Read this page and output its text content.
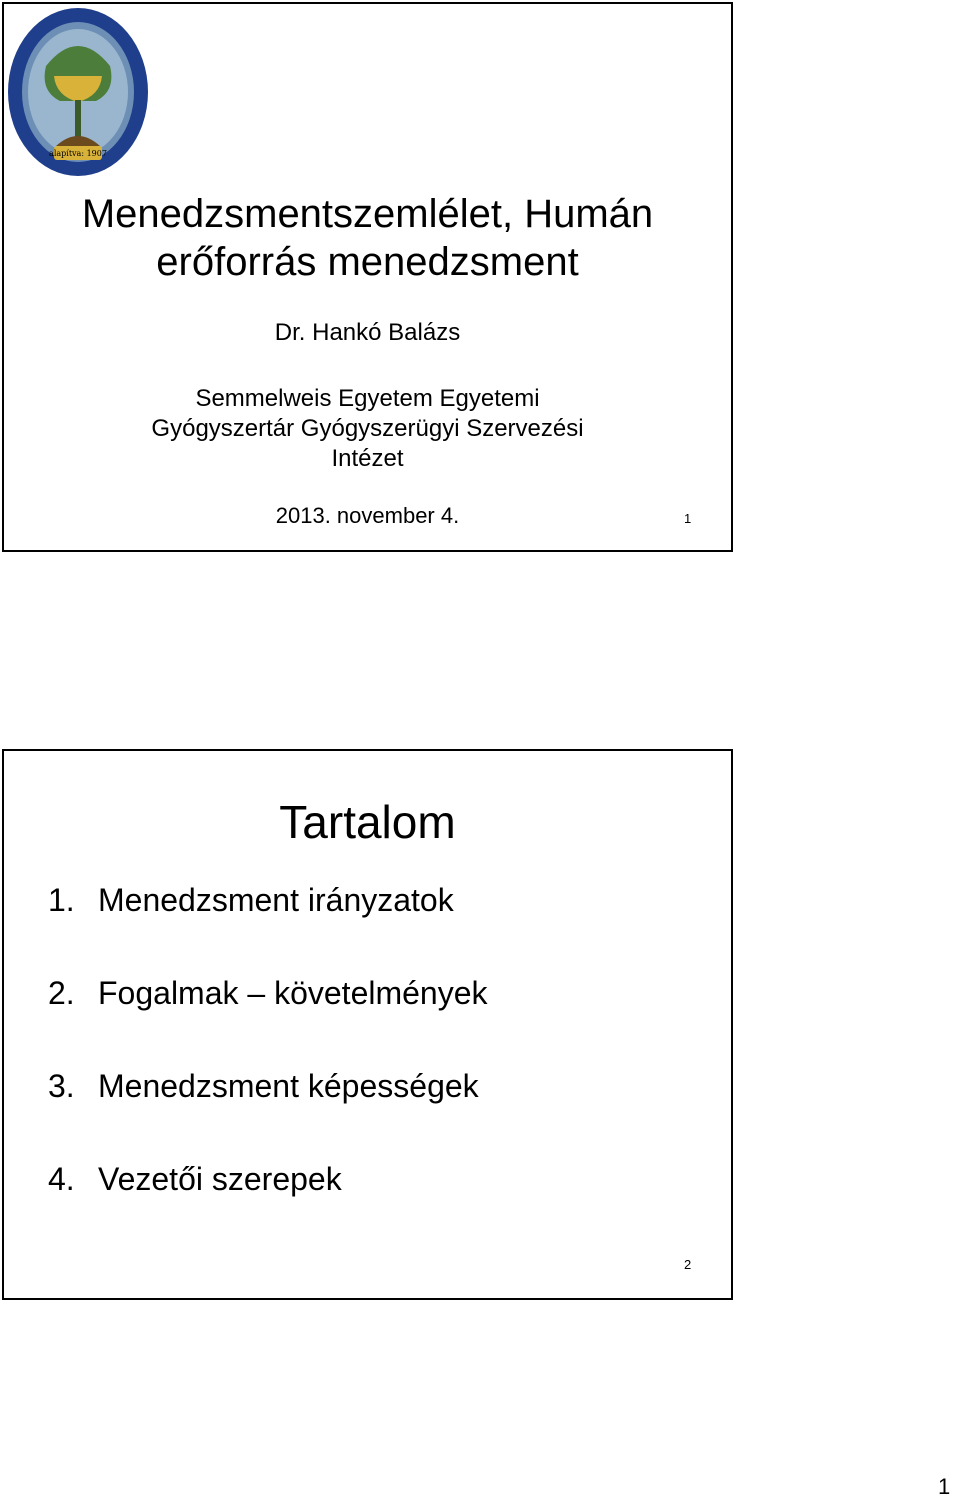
alapítva: 1907
Menedzsmentszemlélet, Humán
erőforrás menedzsment
Dr. Hankó Balázs
Semmelweis Egyetem Egyetemi
Gyógyszertár Gyógyszerügyi Szervezési
Intézet
2013. november 4.	1
Tartalom
1. Menedzsment irányzatok
2. Fogalmak – követelmények
3. Menedzsment képességek
4. Vezetői szerepek
2
1
